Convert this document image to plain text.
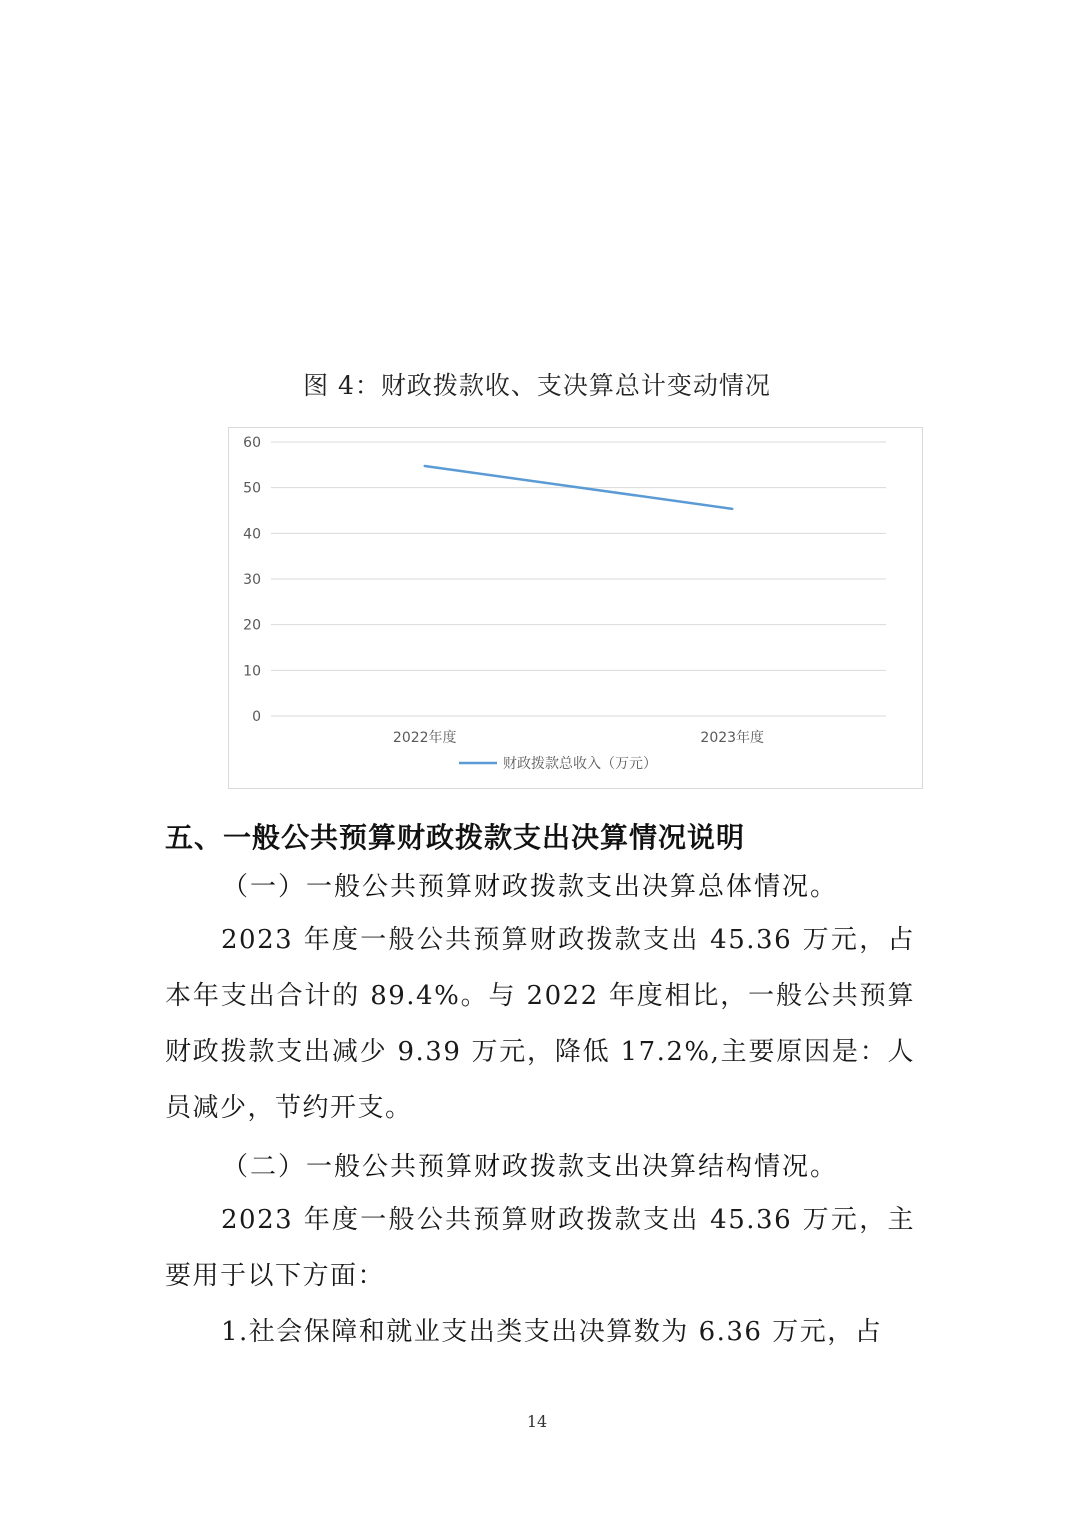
图 4：财政拨款收、支决算总计变动情况
0
10
20
30
40
50
60
2022年度	2023年度
财政拨款总收入（万元）
五、一般公共预算财政拨款支出决算情况说明
（一）一般公共预算财政拨款支出决算总体情况。
2023 年度一般公共预算财政拨款支出 45.36 万元，占本年支出合计的 89.4%。与 2022 年度相比，一般公共预算财政拨款支出减少 9.39 万元，降低 17.2%,主要原因是：人员减少，节约开支。
（二）一般公共预算财政拨款支出决算结构情况。
2023 年度一般公共预算财政拨款支出 45.36 万元，主要用于以下方面：
1.社会保障和就业支出类支出决算数为 6.36 万元，占
14
